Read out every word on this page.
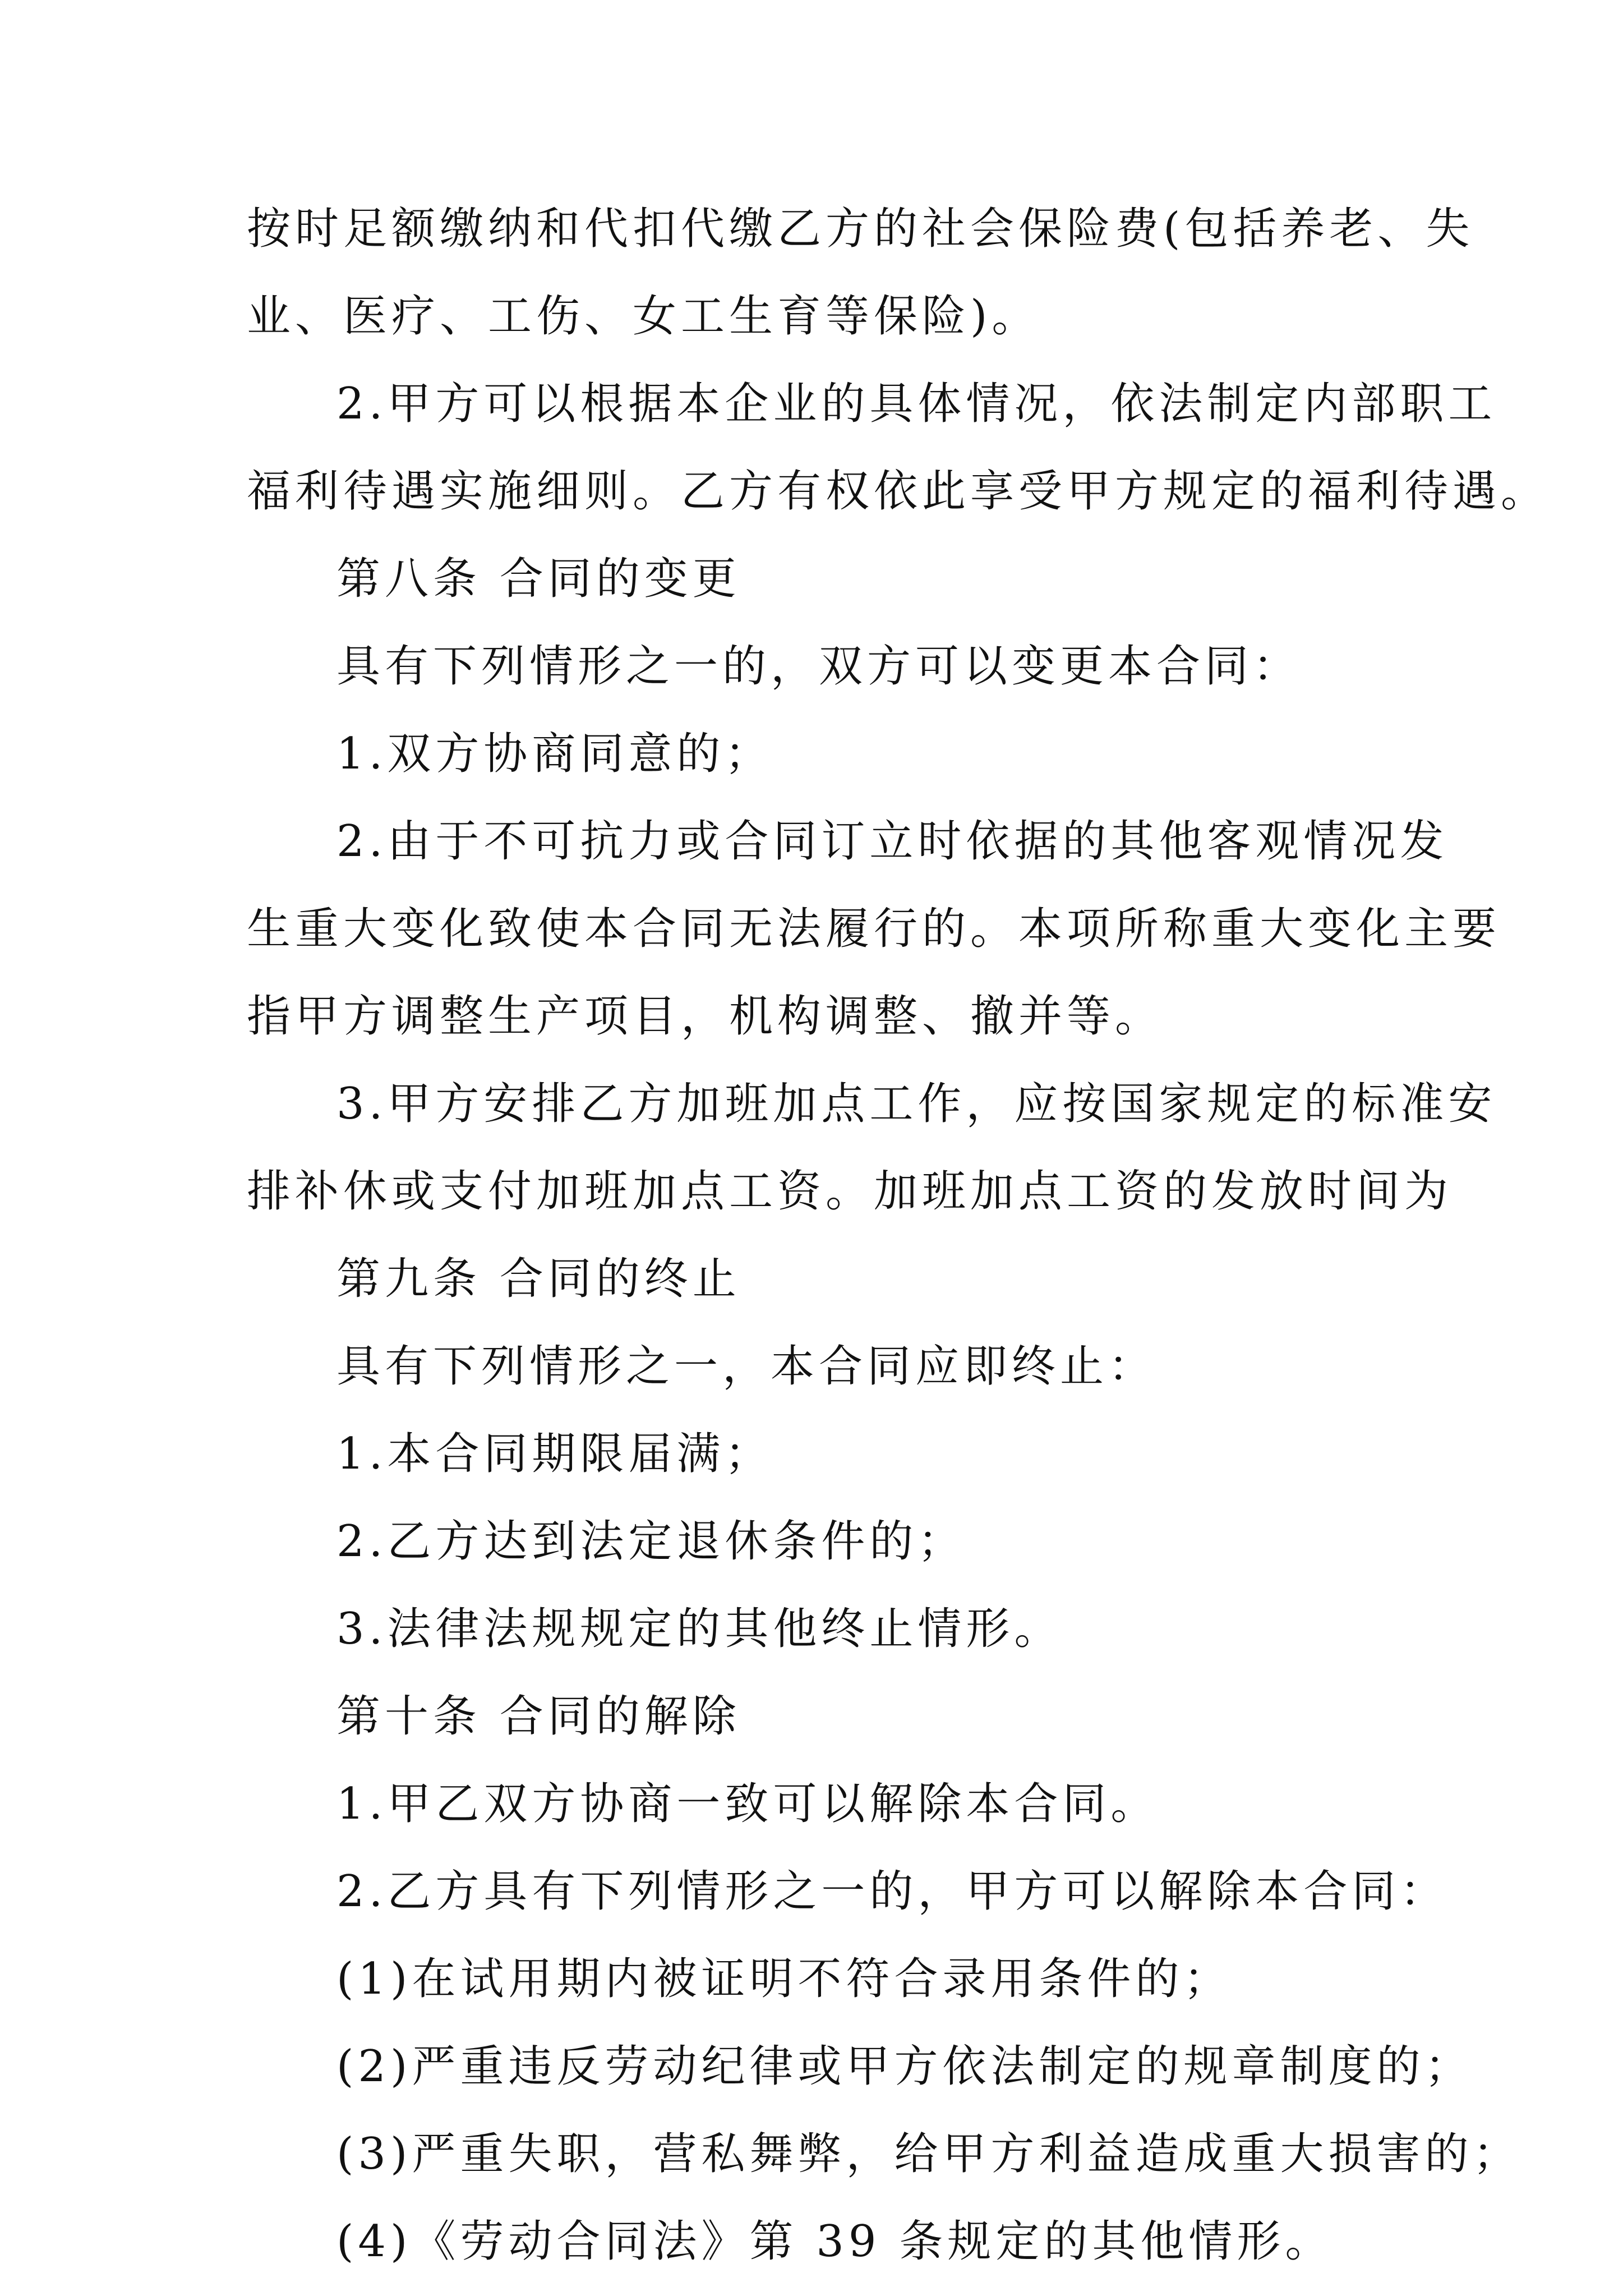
按时足额缴纳和代扣代缴乙方的社会保险费(包括养老、失
业、医疗、工伤、女工生育等保险)。
2.甲方可以根据本企业的具体情况，依法制定内部职工
福利待遇实施细则。乙方有权依此享受甲方规定的福利待遇。
第八条 合同的变更
具有下列情形之一的，双方可以变更本合同：
1.双方协商同意的；
2.由于不可抗力或合同订立时依据的其他客观情况发
生重大变化致使本合同无法履行的。本项所称重大变化主要
指甲方调整生产项目，机构调整、撤并等。
3.甲方安排乙方加班加点工作，应按国家规定的标准安
排补休或支付加班加点工资。加班加点工资的发放时间为
第九条 合同的终止
具有下列情形之一，本合同应即终止：
1.本合同期限届满；
2.乙方达到法定退休条件的；
3.法律法规规定的其他终止情形。
第十条 合同的解除
1.甲乙双方协商一致可以解除本合同。
2.乙方具有下列情形之一的，甲方可以解除本合同：
(1)在试用期内被证明不符合录用条件的；
(2)严重违反劳动纪律或甲方依法制定的规章制度的；
(3)严重失职，营私舞弊，给甲方利益造成重大损害的；
(4)《劳动合同法》第 39 条规定的其他情形。
